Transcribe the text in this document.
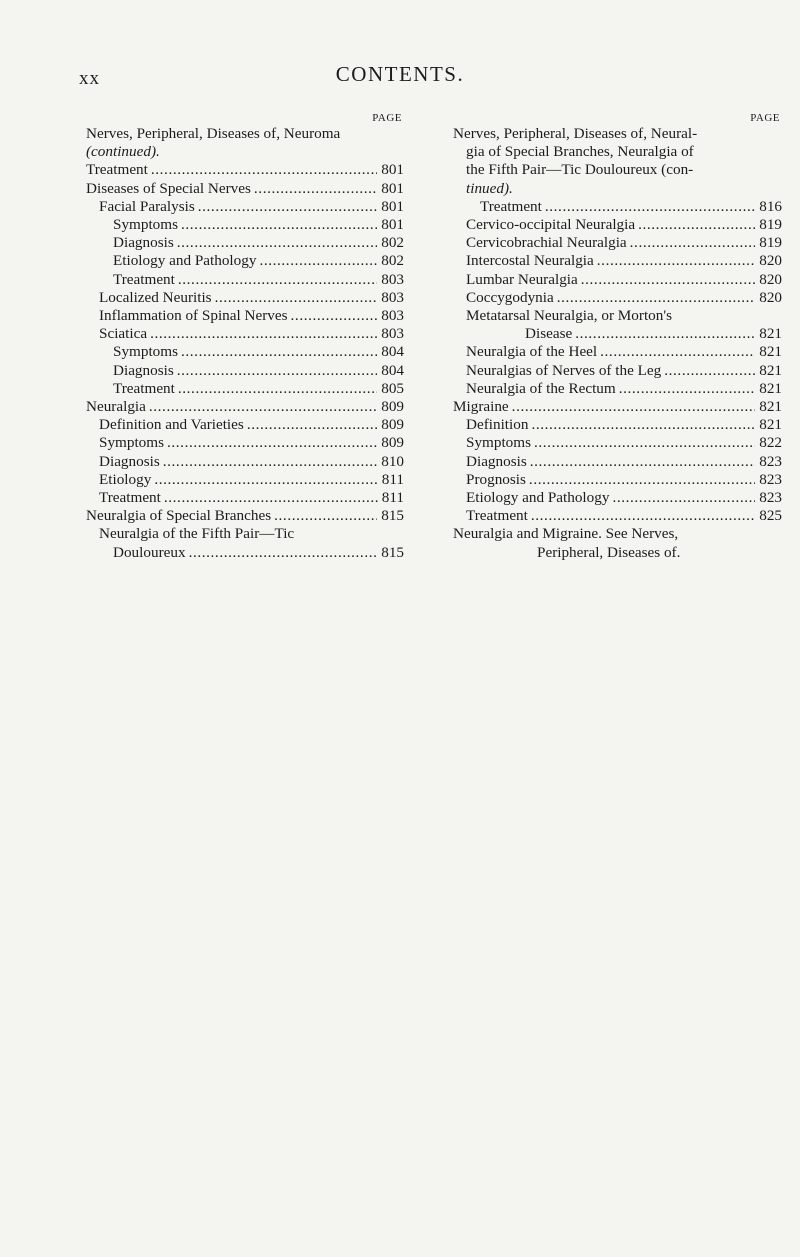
xx	CONTENTS.
PAGE
Nerves, Peripheral, Diseases of, Neuroma
(continued).
Treatment . . .	801
Diseases of Special Nerves . . .	801
Facial Paralysis . . .	801
Symptoms . . .	801
Diagnosis . . .	802
Etiology and Pathology . . .	802
Treatment . . .	803
Localized Neuritis . . .	803
Inflammation of Spinal Nerves . . .	803
Sciatica . . .	803
Symptoms . . .	804
Diagnosis . . .	804
Treatment . . .	805
Neuralgia . . .	809
Definition and Varieties . . .	809
Symptoms . . .	809
Diagnosis . . .	810
Etiology . . .	811
Treatment . . .	811
Neuralgia of Special Branches . . .	815
Neuralgia of the Fifth Pair—Tic
Douloureux . . .	815
PAGE
Nerves, Peripheral, Diseases of, Neural-
gia of Special Branches, Neuralgia of
the Fifth Pair—Tic Douloureux (con-
tinued).
Treatment . . .	816
Cervico-occipital Neuralgia . . .	819
Cervicobrachial Neuralgia . . .	819
Intercostal Neuralgia . . .	820
Lumbar Neuralgia . . .	820
Coccygodynia . . .	820
Metatarsal Neuralgia, or Morton's
Disease . . .	821
Neuralgia of the Heel . . .	821
Neuralgias of Nerves of the Leg . . .	821
Neuralgia of the Rectum . . .	821
Migraine . . .	821
Definition . . .	821
Symptoms . . .	822
Diagnosis . . .	823
Prognosis . . .	823
Etiology and Pathology . . .	823
Treatment . . .	825
Neuralgia and Migraine. See Nerves,
Peripheral, Diseases of.
